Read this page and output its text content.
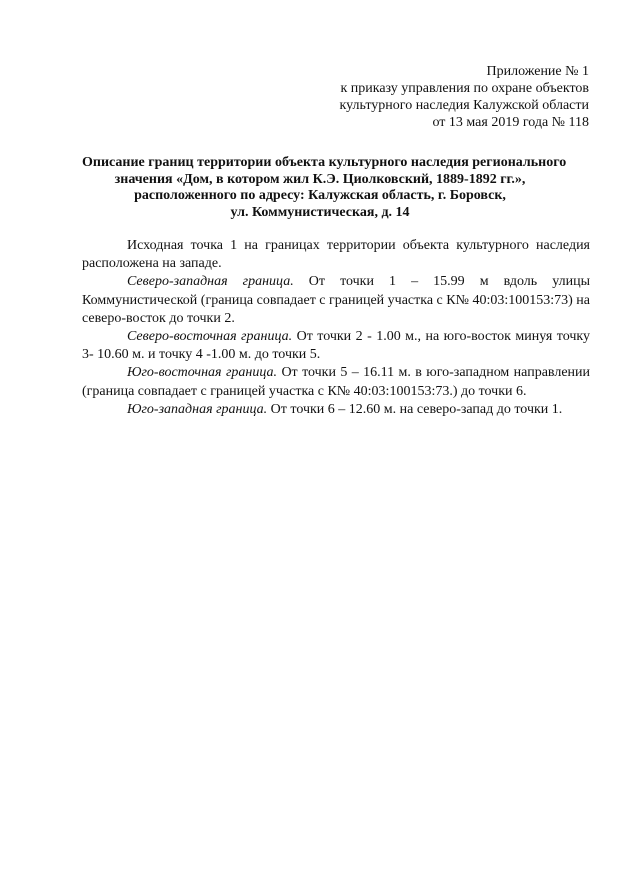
Приложение № 1
к приказу управления по охране объектов
культурного наследия Калужской области
от 13 мая 2019 года № 118
Описание границ территории объекта культурного наследия регионального
значения «Дом, в котором жил К.Э. Циолковский, 1889-1892 гг.»,
расположенного по адресу: Калужская область, г. Боровск,
ул. Коммунистическая, д. 14

Исходная точка 1 на границах территории объекта культурного наследия расположена на западе.

Северо-западная граница. От точки 1 – 15.99 м вдоль улицы Коммунистической (граница совпадает с границей участка с К№ 40:03:100153:73) на северо-восток до точки 2.

Северо-восточная граница. От точки 2 - 1.00 м., на юго-восток минуя точку 3- 10.60 м. и точку 4 -1.00 м. до точки 5.

Юго-восточная граница. От точки 5 – 16.11 м. в юго-западном направлении (граница совпадает с границей участка с К№ 40:03:100153:73.) до точки 6.

Юго-западная граница. От точки 6 – 12.60 м. на северо-запад до точки 1.
